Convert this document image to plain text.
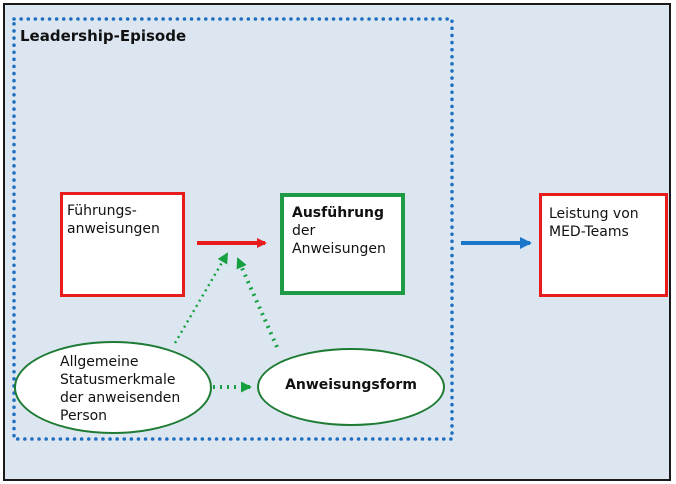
Leadership-Episode
Führungs-
anweisungen
Ausführung
der
Anweisungen
Leistung von
MED-Teams
Allgemeine
Statusmerkmale
der anweisenden
Person
Anweisungsform
